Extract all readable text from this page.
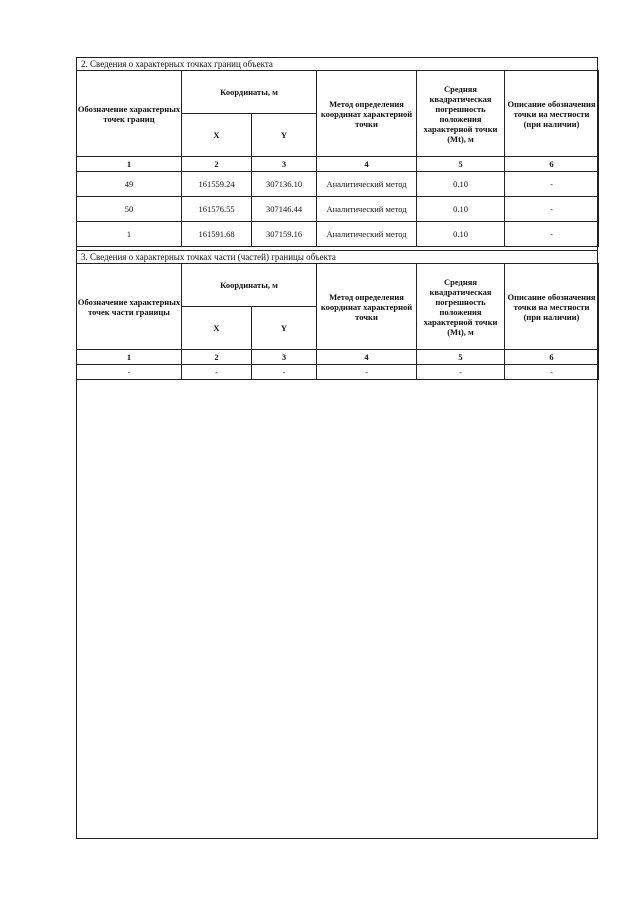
2. Сведения о характерных точках границ объекта
Обозначение характерных точек границ	Координаты, м		Метод определения координат характерной точки	Средняя квадратическая погрешность положения характерной точки (Mt), м	Описание обозначения точки на местности (при наличии)
	X	Y			
1	2	3	4	5	6
49	161559.24	307136.10	Аналитический метод	0.10	-
50	161576.55	307146.44	Аналитический метод	0.10	-
1	161591.68	307159.16	Аналитический метод	0.10	-
3. Сведения о характерных точках части (частей) границы объекта
Обозначение характерных точек части границы	Координаты, м		Метод определения координат характерной точки	Средняя квадратическая погрешность положения характерной точки (Mt), м	Описание обозначения точки на местности (при наличии)
	X	Y			
1	2	3	4	5	6
-	-	-	-	-	-
